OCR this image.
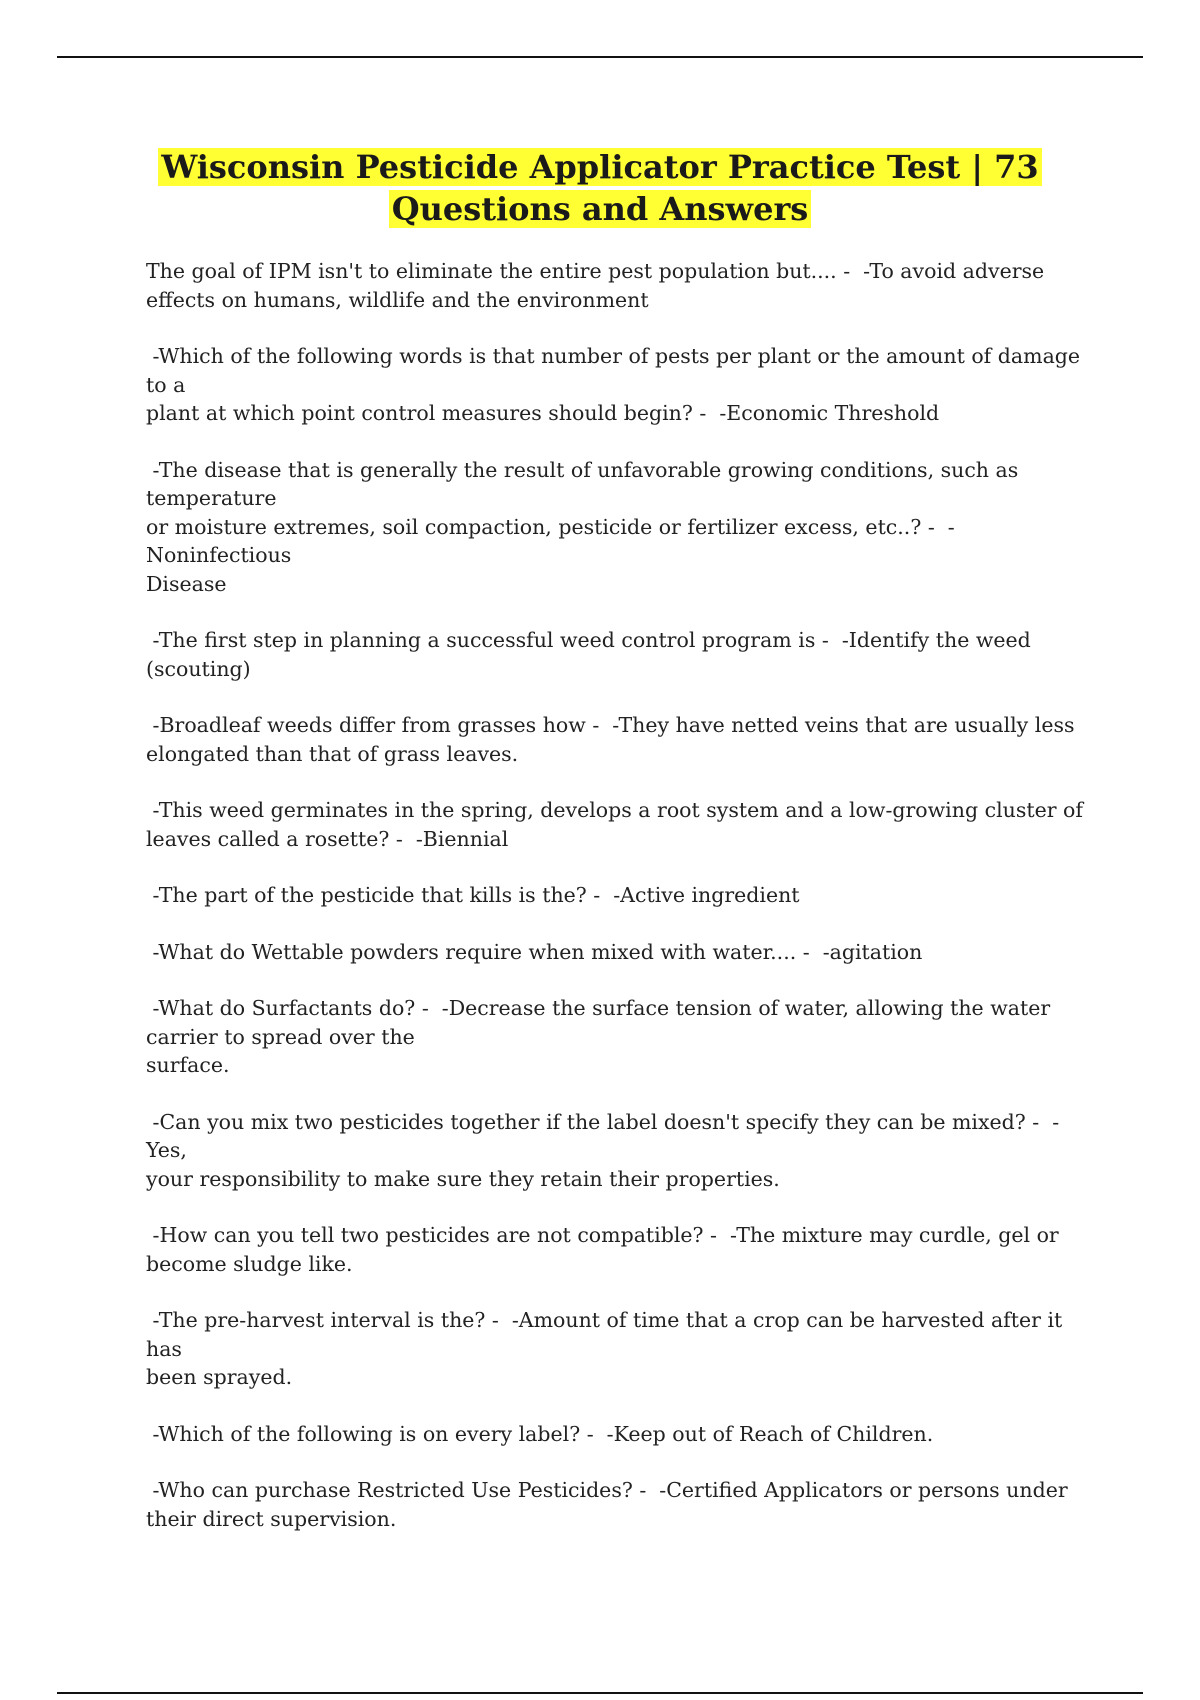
Wisconsin Pesticide Applicator Practice Test | 73
Questions and Answers
The goal of IPM isn't to eliminate the entire pest population but.... -  -To avoid adverse
effects on humans, wildlife and the environment
-Which of the following words is that number of pests per plant or the amount of damage
to a
plant at which point control measures should begin? -  -Economic Threshold
-The disease that is generally the result of unfavorable growing conditions, such as
temperature
or moisture extremes, soil compaction, pesticide or fertilizer excess, etc..? -  -Noninfectious
Disease
-The first step in planning a successful weed control program is -  -Identify the weed
(scouting)
-Broadleaf weeds differ from grasses how -  -They have netted veins that are usually less
elongated than that of grass leaves.
-This weed germinates in the spring, develops a root system and a low-growing cluster of
leaves called a rosette? -  -Biennial
-The part of the pesticide that kills is the? -  -Active ingredient
-What do Wettable powders require when mixed with water.... -  -agitation
-What do Surfactants do? -  -Decrease the surface tension of water, allowing the water
carrier to spread over the
surface.
-Can you mix two pesticides together if the label doesn't specify they can be mixed? -  -Yes,
your responsibility to make sure they retain their properties.
-How can you tell two pesticides are not compatible? -  -The mixture may curdle, gel or
become sludge like.
-The pre-harvest interval is the? -  -Amount of time that a crop can be harvested after it has
been sprayed.
-Which of the following is on every label? -  -Keep out of Reach of Children.
-Who can purchase Restricted Use Pesticides? -  -Certified Applicators or persons under
their direct supervision.
